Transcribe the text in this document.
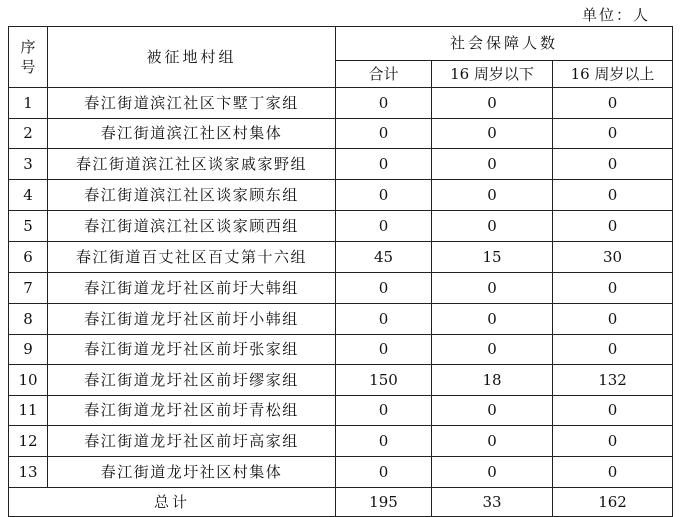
单位：人
序
号	被征地村组	社会保障人数		
		合计	16 周岁以下	16 周岁以上
1	春江街道滨江社区卞墅丁家组	0	0	0
2	春江街道滨江社区村集体	0	0	0
3	春江街道滨江社区谈家戚家野组	0	0	0
4	春江街道滨江社区谈家顾东组	0	0	0
5	春江街道滨江社区谈家顾西组	0	0	0
6	春江街道百丈社区百丈第十六组	45	15	30
7	春江街道龙圩社区前圩大韩组	0	0	0
8	春江街道龙圩社区前圩小韩组	0	0	0
9	春江街道龙圩社区前圩张家组	0	0	0
10	春江街道龙圩社区前圩缪家组	150	18	132
11	春江街道龙圩社区前圩青松组	0	0	0
12	春江街道龙圩社区前圩高家组	0	0	0
13	春江街道龙圩社区村集体	0	0	0
总计		195	33	162
